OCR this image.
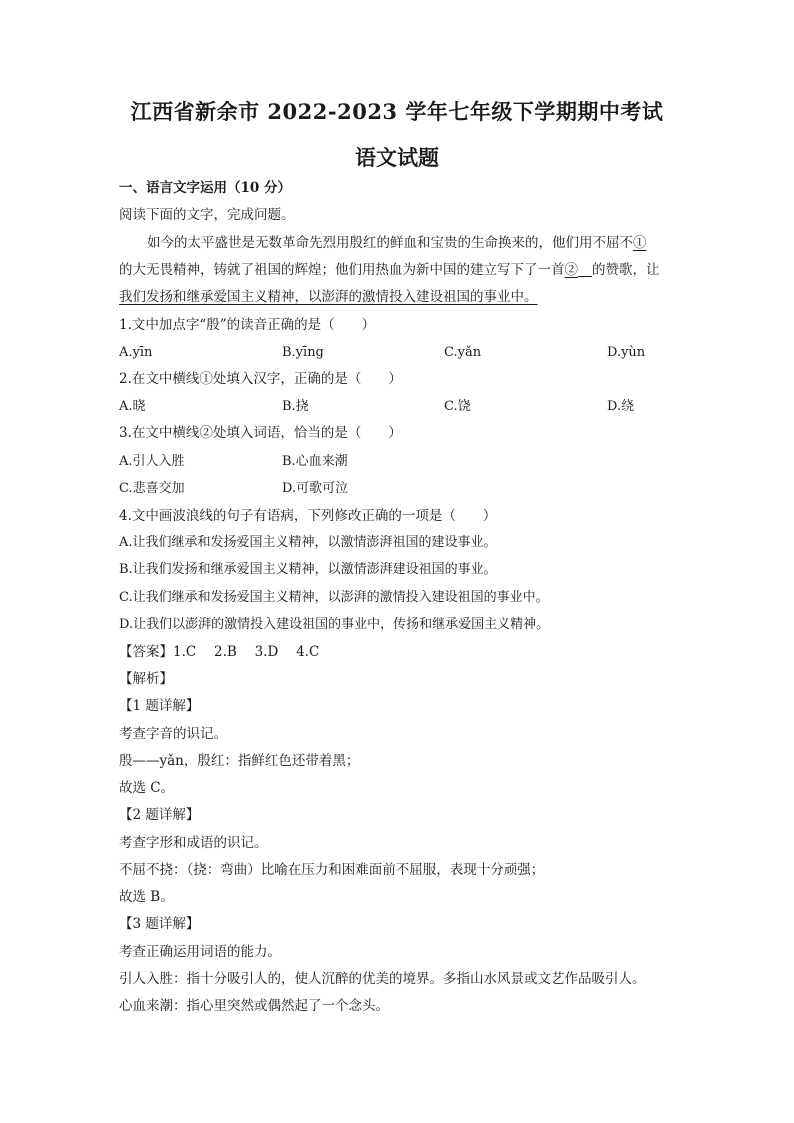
江西省新余市 2022-2023 学年七年级下学期期中考试
语文试题
一、语言文字运用（10 分）
阅读下面的文字，完成问题。
如今的太平盛世是无数革命先烈用殷红的鲜血和宝贵的生命换来的，他们用不屈不①
的大无畏精神，铸就了祖国的辉煌；他们用热血为新中国的建立写下了一首② 的赞歌，让
我们发扬和继承爱国主义精神，以澎湃的激情投入建设祖国的事业中。
1.文中加点字“殷”的读音正确的是（　　）
A.yīn	B.yīng	C.yǎn	D.yùn
2.在文中横线①处填入汉字，正确的是（　　）
A.晓	B.挠	C.饶	D.绕
3.在文中横线②处填入词语，恰当的是（　　）
A.引人入胜	B.心血来潮
C.悲喜交加	D.可歌可泣
4.文中画波浪线的句子有语病，下列修改正确的一项是（　　）
A.让我们继承和发扬爱国主义精神，以激情澎湃祖国的建设事业。
B.让我们发扬和继承爱国主义精神，以激情澎湃建设祖国的事业。
C.让我们继承和发扬爱国主义精神，以澎湃的激情投入建设祖国的事业中。
D.让我们以澎湃的激情投入建设祖国的事业中，传扬和继承爱国主义精神。
【答案】1.C　 2.B　 3.D　 4.C
【解析】
【1 题详解】
考查字音的识记。
殷——yǎn，殷红：指鲜红色还带着黑；
故选 C。
【2 题详解】
考查字形和成语的识记。
不屈不挠：（挠：弯曲）比喻在压力和困难面前不屈服，表现十分顽强；
故选 B。
【3 题详解】
考查正确运用词语的能力。
引人入胜：指十分吸引人的，使人沉醉的优美的境界。多指山水风景或文艺作品吸引人。
心血来潮：指心里突然或偶然起了一个念头。
